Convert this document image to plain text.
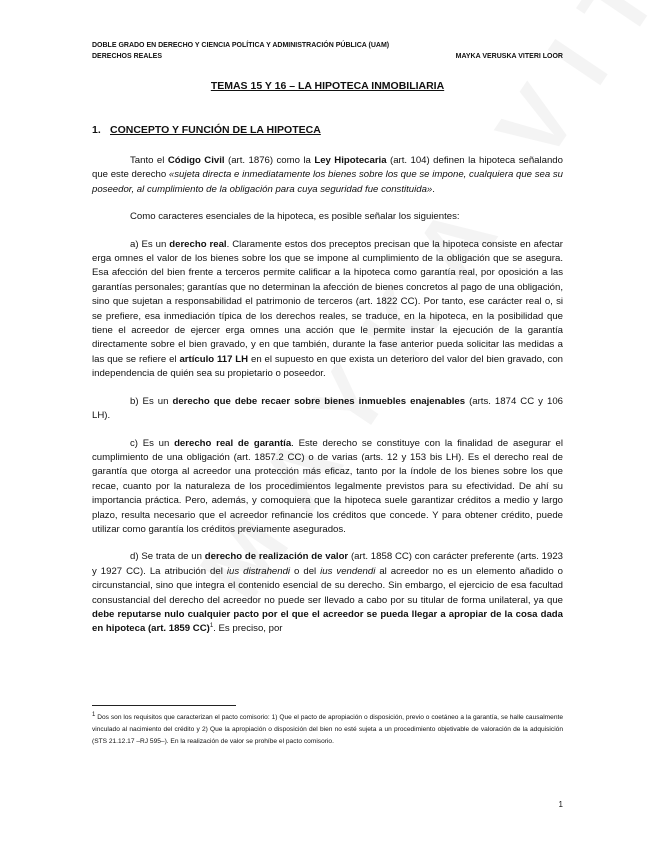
DOBLE GRADO EN DERECHO Y CIENCIA POLÍTICA Y ADMINISTRACIÓN PÚBLICA (UAM)
DERECHOS REALES	MAYKA VERUSKA VITERI LOOR
TEMAS 15 Y 16 – LA HIPOTECA INMOBILIARIA
1. CONCEPTO Y FUNCIÓN DE LA HIPOTECA

Tanto el Código Civil (art. 1876) como la Ley Hipotecaria (art. 104) definen la hipoteca señalando que este derecho «sujeta directa e inmediatamente los bienes sobre los que se impone, cualquiera que sea su poseedor, al cumplimiento de la obligación para cuya seguridad fue constituida».

Como caracteres esenciales de la hipoteca, es posible señalar los siguientes:

a) Es un derecho real. Claramente estos dos preceptos precisan que la hipoteca consiste en afectar erga omnes el valor de los bienes sobre los que se impone al cumplimiento de la obligación que se asegura. Esa afección del bien frente a terceros permite calificar a la hipoteca como garantía real, por oposición a las garantías personales; garantías que no determinan la afección de bienes concretos al pago de una obligación, sino que sujetan a responsabilidad el patrimonio de terceros (art. 1822 CC). Por tanto, ese carácter real o, si se prefiere, esa inmediación típica de los derechos reales, se traduce, en la hipoteca, en la posibilidad que tiene el acreedor de ejercer erga omnes una acción que le permite instar la ejecución de la garantía directamente sobre el bien gravado, y en que también, durante la fase anterior pueda solicitar las medidas a las que se refiere el artículo 117 LH en el supuesto en que exista un deterioro del valor del bien gravado, con independencia de quién sea su propietario o poseedor.

b) Es un derecho que debe recaer sobre bienes inmuebles enajenables (arts. 1874 CC y 106 LH).

c) Es un derecho real de garantía. Este derecho se constituye con la finalidad de asegurar el cumplimiento de una obligación (art. 1857.2 CC) o de varias (arts. 12 y 153 bis LH). Es el derecho real de garantía que otorga al acreedor una protección más eficaz, tanto por la índole de los bienes sobre los que recae, cuanto por la naturaleza de los procedimientos legalmente previstos para su efectividad. De ahí su importancia práctica. Pero, además, y comoquiera que la hipoteca suele garantizar créditos a medio y largo plazo, resulta necesario que el acreedor refinancie los créditos que concede. Y para obtener crédito, puede utilizar como garantía los créditos previamente asegurados.

d) Se trata de un derecho de realización de valor (art. 1858 CC) con carácter preferente (arts. 1923 y 1927 CC). La atribución del ius distrahendi o del ius vendendi al acreedor no es un elemento añadido o circunstancial, sino que integra el contenido esencial de su derecho. Sin embargo, el ejercicio de esa facultad consustancial del derecho del acreedor no puede ser llevado a cabo por su titular de forma unilateral, ya que debe reputarse nulo cualquier pacto por el que el acreedor se pueda llegar a apropiar de la cosa dada en hipoteca (art. 1859 CC)$^1$. Es preciso, por

$^1$ Dos son los requisitos que caracterizan el pacto comisorio: 1) Que el pacto de apropiación o disposición, previo o coetáneo a la garantía, se halle causalmente vinculado al nacimiento del crédito y 2) Que la apropiación o disposición del bien no esté sujeta a un procedimiento objetivable de valoración de la adquisición (STS 21.12.17 –RJ 595–). En la realización de valor se prohíbe el pacto comisorio.
1
